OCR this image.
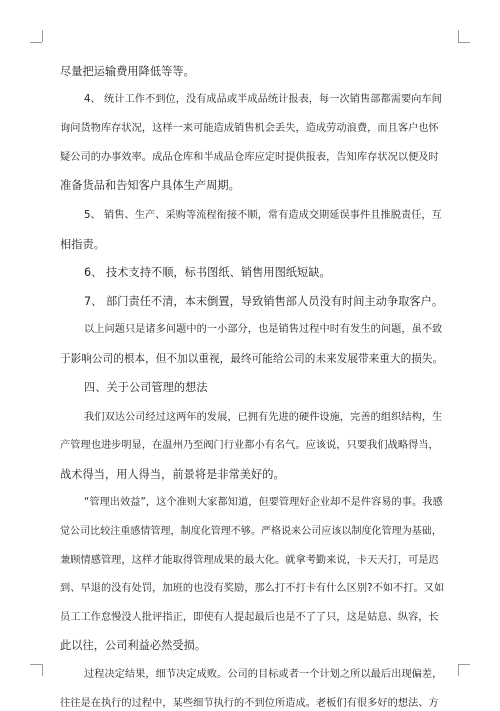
尽量把运输费用降低等等。
4、 统计工作不到位，没有成品或半成品统计报表，每一次销售部都需要向车间
询问货物库存状况，这样一来可能造成销售机会丢失，造成劳动浪费，而且客户也怀
疑公司的办事效率。成品仓库和半成品仓库应定时提供报表，告知库存状况以便及时
准备货品和告知客户具体生产周期。
5、 销售、生产、采购等流程衔接不顺，常有造成交期延误事件且推脱责任，互
相指责。
6、 技术支持不顺，标书图纸、销售用图纸短缺。
7、 部门责任不清，本末倒置，导致销售部人员没有时间主动争取客户。
以上问题只是诸多问题中的一小部分，也是销售过程中时有发生的问题，虽不致
于影响公司的根本，但不加以重视，最终可能给公司的未来发展带来重大的损失。
四、关于公司管理的想法
我们双达公司经过这两年的发展，已拥有先进的硬件设施，完善的组织结构，生
产管理也进步明显，在温州乃至阀门行业都小有名气。应该说，只要我们战略得当，
战术得当，用人得当，前景将是非常美好的。
“管理出效益”，这个准则大家都知道，但要管理好企业却不是件容易的事。我感
觉公司比较注重感情管理，制度化管理不够。严格说来公司应该以制度化管理为基础，
兼顾情感管理，这样才能取得管理成果的最大化。就拿考勤来说，卡天天打，可是迟
到、早退的没有处罚，加班的也没有奖励，那么打不打卡有什么区别?不如不打。又如
员工工作怠慢没人批评指正，即使有人提起最后也是不了了只，这是姑息、纵容，长
此以往，公司利益必然受损。
过程决定结果，细节决定成败。公司的目标或者一个计划之所以最后出现偏差，
往往是在执行的过程中，某些细节执行的不到位所造成。老板们有很多好的想法、方
